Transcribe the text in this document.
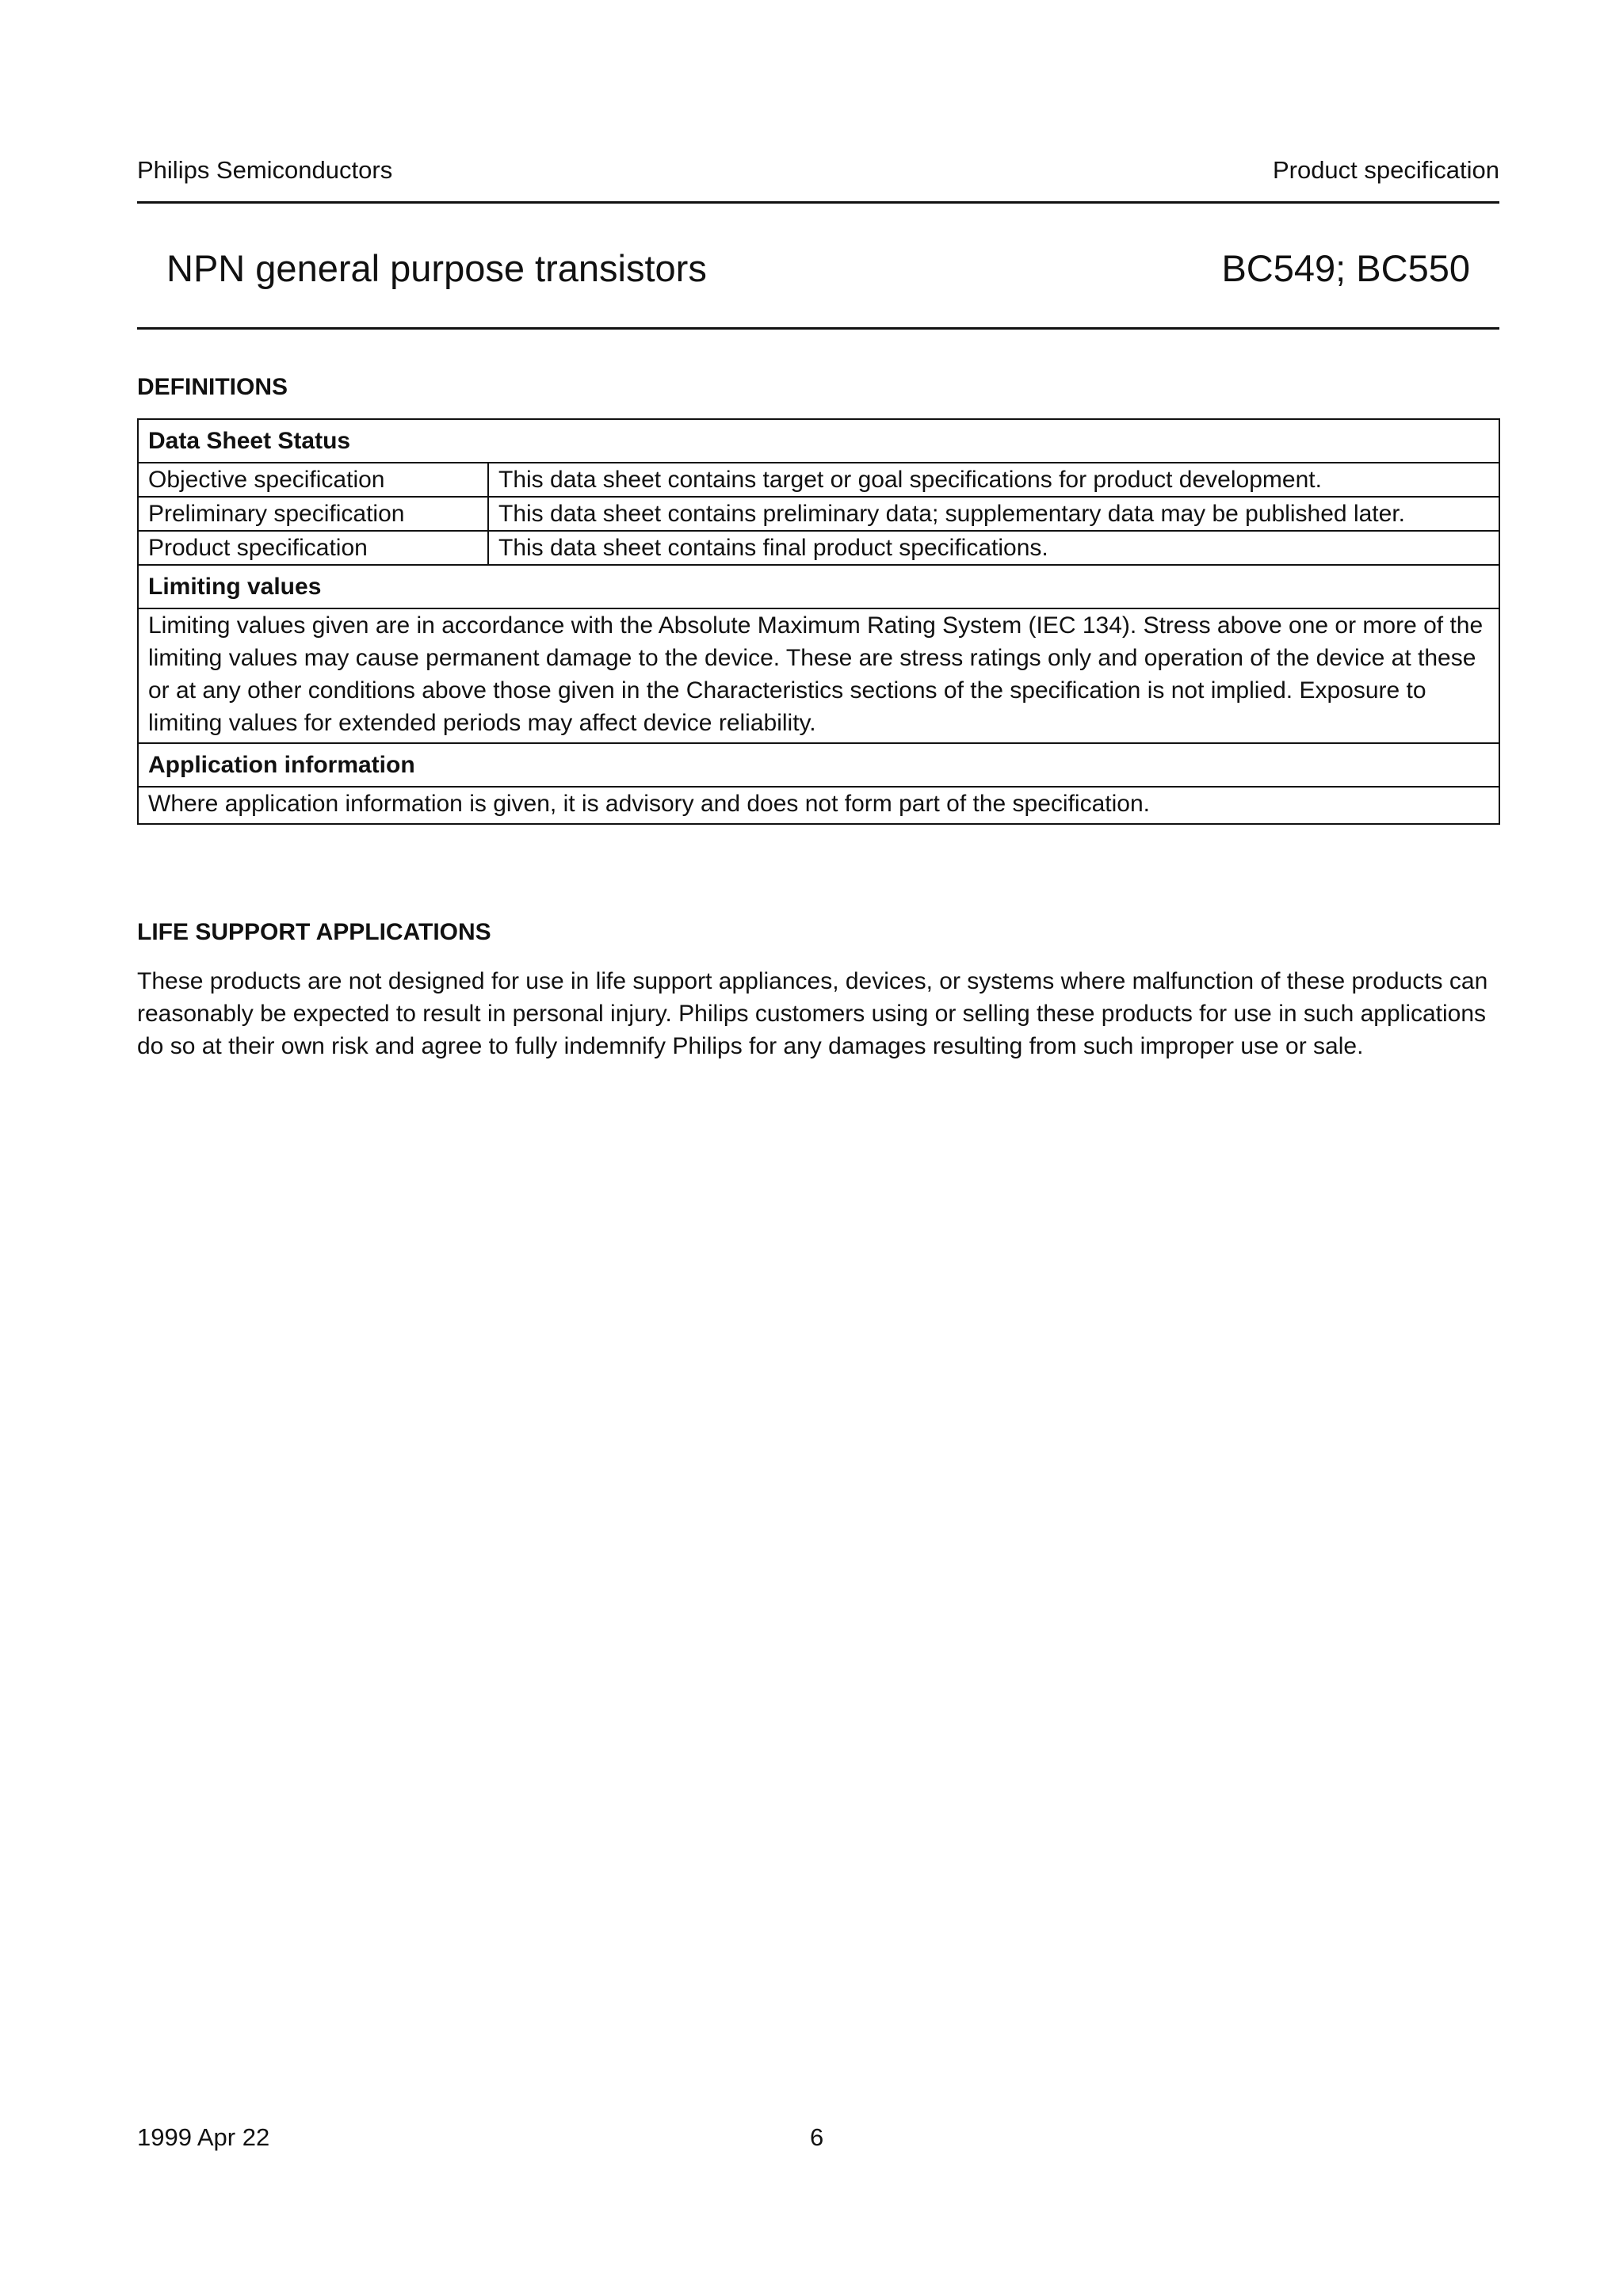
Philips Semiconductors	Product specification
NPN general purpose transistors	BC549; BC550
DEFINITIONS
Data Sheet Status	
Objective specification	This data sheet contains target or goal specifications for product development.
Preliminary specification	This data sheet contains preliminary data; supplementary data may be published later.
Product specification	This data sheet contains final product specifications.
Limiting values	
Limiting values given are in accordance with the Absolute Maximum Rating System (IEC 134). Stress above one or more of the limiting values may cause permanent damage to the device. These are stress ratings only and operation of the device at these or at any other conditions above those given in the Characteristics sections of the specification is not implied. Exposure to limiting values for extended periods may affect device reliability.	
Application information	
Where application information is given, it is advisory and does not form part of the specification.	
LIFE SUPPORT APPLICATIONS
These products are not designed for use in life support appliances, devices, or systems where malfunction of these products can reasonably be expected to result in personal injury. Philips customers using or selling these products for use in such applications do so at their own risk and agree to fully indemnify Philips for any damages resulting from such improper use or sale.
1999 Apr 22	6
